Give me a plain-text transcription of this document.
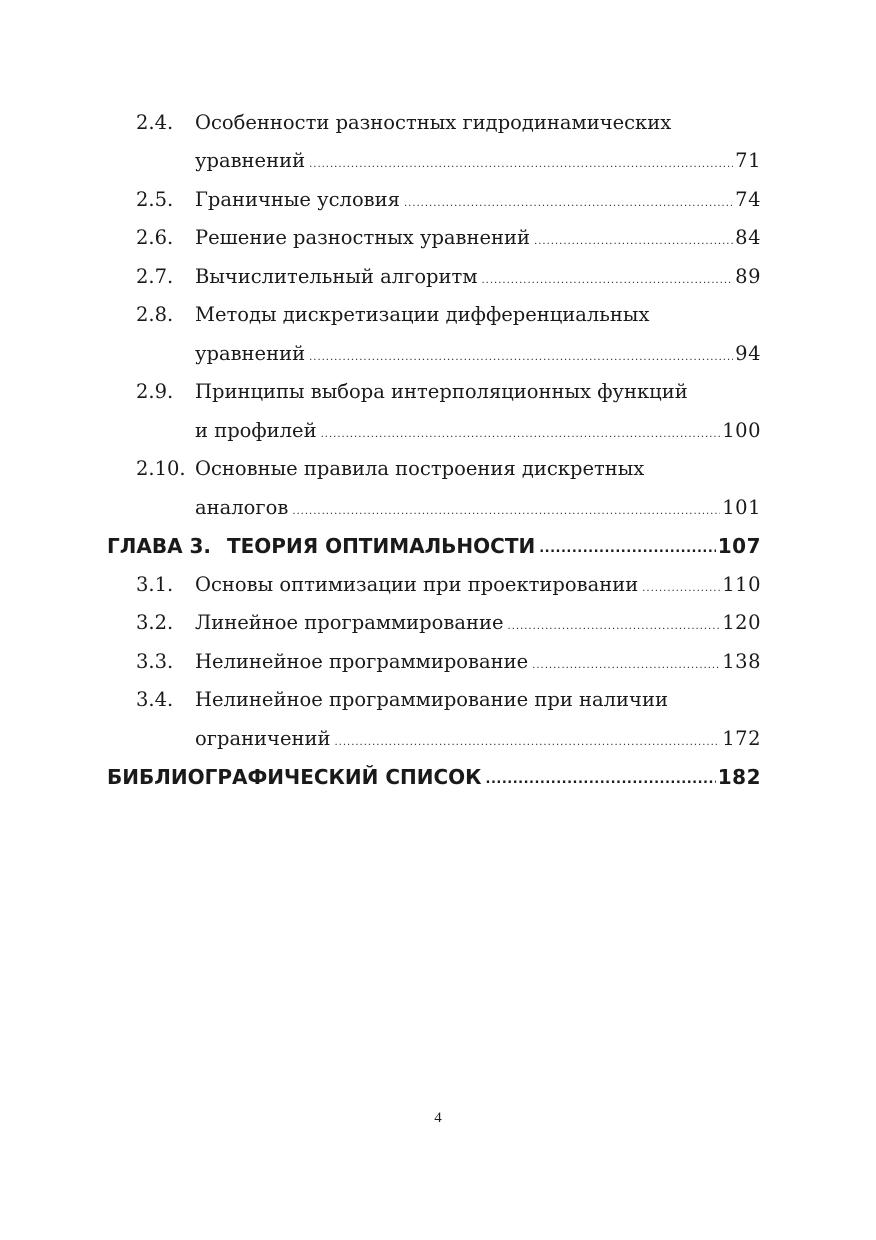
2.4.	Особенности разностных гидродинамических
уравнений .....	71
2.5.	Граничные условия .....	74
2.6.	Решение разностных уравнений .....	84
2.7.	Вычислительный алгоритм .....	89
2.8.	Методы дискретизации дифференциальных
уравнений .....	94
2.9.	Принципы выбора интерполяционных функций
и профилей .....	100
2.10. Основные правила построения дискретных
аналогов .....	101
ГЛАВА 3. ТЕОРИЯ ОПТИМАЛЬНОСТИ .....	107
3.1.	Основы оптимизации при проектировании .....	110
3.2.	Линейное программирование .....	120
3.3.	Нелинейное программирование .....	138
3.4.	Нелинейное программирование при наличии
ограничений .....	172
БИБЛИОГРАФИЧЕСКИЙ СПИСОК .....	182
4
